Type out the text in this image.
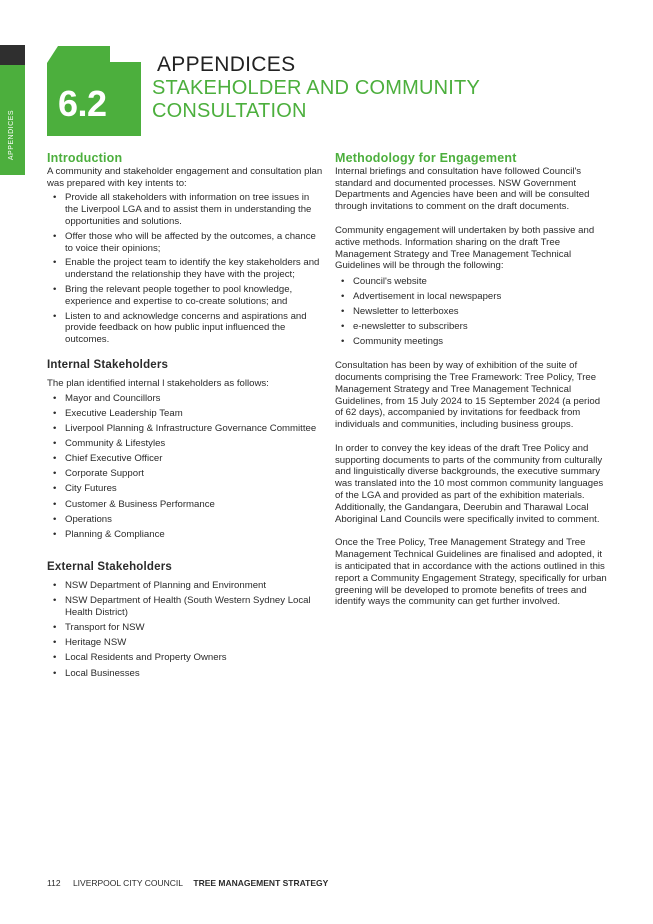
APPENDICES
6.2
APPENDICES
STAKEHOLDER AND COMMUNITY
CONSULTATION
Introduction

A community and stakeholder engagement and consultation plan was prepared with key intents to:

• Provide all stakeholders with information on tree issues in the Liverpool LGA and to assist them in understanding the opportunities and solutions.
• Offer those who will be affected by the outcomes, a chance to voice their opinions;
• Enable the project team to identify the key stakeholders and understand the relationship they have with the project;
• Bring the relevant people together to pool knowledge, experience and expertise to co-create solutions; and
• Listen to and acknowledge concerns and aspirations and provide feedback on how public input influenced the outcomes.
Internal Stakeholders

The plan identified internal l stakeholders as follows:

• Mayor and Councillors
• Executive Leadership Team
• Liverpool Planning & Infrastructure Governance Committee
• Community & Lifestyles
• Chief Executive Officer
• Corporate Support
• City Futures
• Customer & Business Performance
• Operations
• Planning & Compliance
External Stakeholders
• NSW Department of Planning and Environment
• NSW Department of Health (South Western Sydney Local Health District)
• Transport for NSW
• Heritage NSW
• Local Residents and Property Owners
• Local Businesses
Methodology for Engagement

Internal briefings and consultation have followed Council's standard and documented processes. NSW Government Departments and Agencies have been and will be consulted through invitations to comment on the draft documents.

Community engagement will undertaken by both passive and active methods. Information sharing on the draft Tree Management Strategy and Tree Management Technical Guidelines will be through the following:

• Council's website
• Advertisement in local newspapers
• Newsletter to letterboxes
• e-newsletter to subscribers
• Community meetings

Consultation has been by way of exhibition of the suite of documents comprising the Tree Framework: Tree Policy, Tree Management Strategy and Tree Management Technical Guidelines, from 15 July 2024 to 15 September 2024 (a period of 62 days), accompanied by invitations for feedback from individuals and communities, including business groups.

In order to convey the key ideas of the draft Tree Policy and supporting documents to parts of the community from culturally and linguistically diverse backgrounds, the executive summary was translated into the 10 most common community languages of the LGA and provided as part of the exhibition materials. Additionally, the Gandangara, Deerubin and Tharawal Local Aboriginal Land Councils were specifically invited to comment.

Once the Tree Policy, Tree Management Strategy and Tree Management Technical Guidelines are finalised and adopted, it is anticipated that in accordance with the actions outlined in this report a Community Engagement Strategy, specifically for urban greening will be developed to promote benefits of trees and identify ways the community can get further involved.

112 LIVERPOOL CITY COUNCIL TREE MANAGEMENT STRATEGY
